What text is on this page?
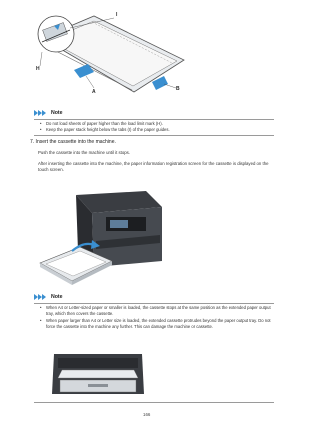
I
H
A	B
Note
• Do not load sheets of paper higher than the load limit mark (H).
• Keep the paper stack height below the tabs (I) of the paper guides.
7. Insert the cassette into the machine.

Push the cassette into the machine until it stops.

After inserting the cassette into the machine, the paper information registration screen for the cassette is displayed on the touch screen.

Note
• When A4 or Letter-sized paper or smaller is loaded, the cassette stops at the same position as the extended paper output tray, which then covers the cassette.
• When paper larger than A4 or Letter size is loaded, the extended cassette protrudes beyond the paper output tray. Do not force the cassette into the machine any further. This can damage the machine or cassette.
166
